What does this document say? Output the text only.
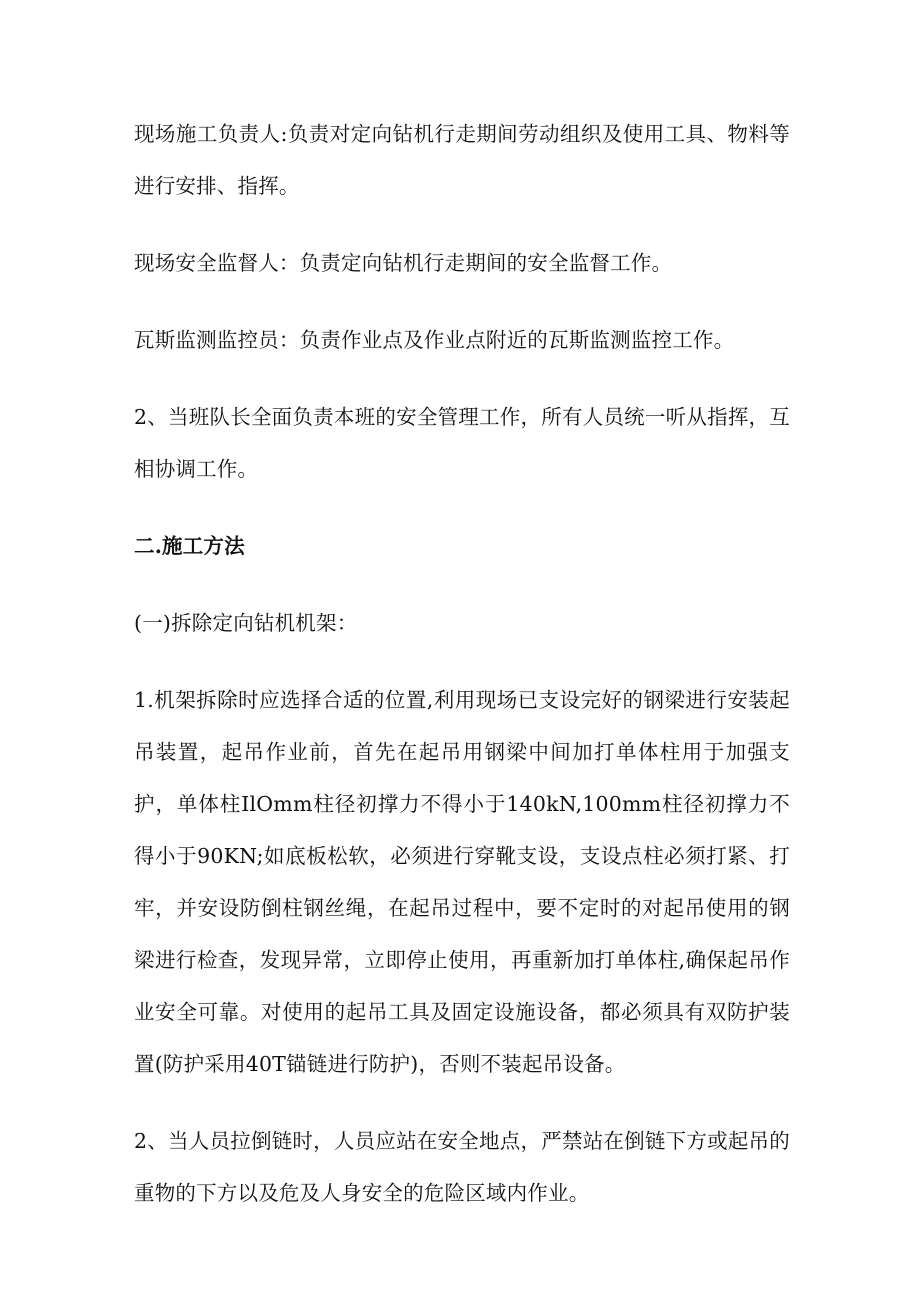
现场施工负责人:负责对定向钻机行走期间劳动组织及使用工具、物料等进行安排、指挥。

现场安全监督人：负责定向钻机行走期间的安全监督工作。

瓦斯监测监控员：负责作业点及作业点附近的瓦斯监测监控工作。

2、当班队长全面负责本班的安全管理工作，所有人员统一听从指挥，互相协调工作。

二.施工方法

(一)拆除定向钻机机架：

1.机架拆除时应选择合适的位置,利用现场已支设完好的钢梁进行安装起吊装置，起吊作业前，首先在起吊用钢梁中间加打单体柱用于加强支护，单体柱IlOmm柱径初撑力不得小于140kN,100mm柱径初撑力不得小于90KN;如底板松软，必须进行穿靴支设，支设点柱必须打紧、打牢，并安设防倒柱钢丝绳，在起吊过程中，要不定时的对起吊使用的钢梁进行检查，发现异常，立即停止使用，再重新加打单体柱,确保起吊作业安全可靠。对使用的起吊工具及固定设施设备，都必须具有双防护装置(防护采用40T锚链进行防护)，否则不装起吊设备。

2、当人员拉倒链时，人员应站在安全地点，严禁站在倒链下方或起吊的重物的下方以及危及人身安全的危险区域内作业。
